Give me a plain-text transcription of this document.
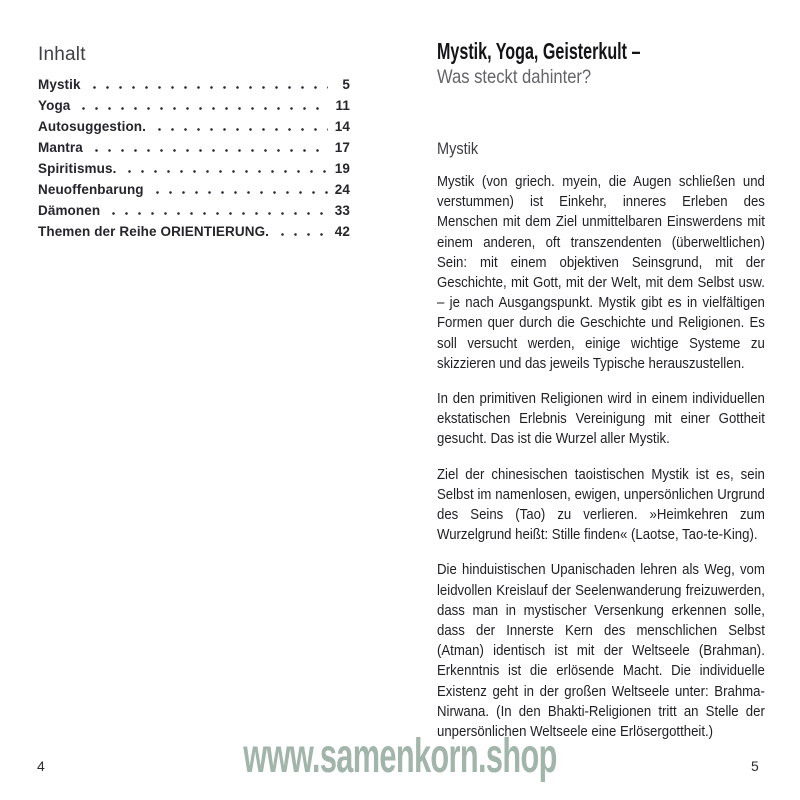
Inhalt
Mystik	5
Yoga	11
Autosuggestion.	14
Mantra	17
Spiritismus.	19
Neuoffenbarung	24
Dämonen	33
Themen der Reihe ORIENTIERUNG.	42
Mystik, Yoga, Geisterkult –
Was steckt dahinter?
Mystik

Mystik (von griech. myein, die Augen schließen und verstummen) ist Einkehr, inneres Erleben des Menschen mit dem Ziel unmittelbaren Einswerdens mit einem anderen, oft transzendenten (überweltlichen) Sein: mit einem objektiven Seinsgrund, mit der Geschichte, mit Gott, mit der Welt, mit dem Selbst usw. – je nach Ausgangspunkt. Mystik gibt es in vielfältigen Formen quer durch die Geschichte und Religionen. Es soll versucht werden, einige wichtige Systeme zu skizzieren und das jeweils Typische herauszustellen.

In den primitiven Religionen wird in einem individuellen ekstatischen Erlebnis Vereinigung mit einer Gottheit gesucht. Das ist die Wurzel aller Mystik.

Ziel der chinesischen taoistischen Mystik ist es, sein Selbst im namenlosen, ewigen, unpersönlichen Urgrund des Seins (Tao) zu verlieren. »Heimkehren zum Wurzelgrund heißt: Stille finden« (Laotse, Tao-te-King).

Die hinduistischen Upanischaden lehren als Weg, vom leidvollen Kreislauf der Seelenwanderung freizuwerden, dass man in mystischer Versenkung erkennen solle, dass der Innerste Kern des menschlichen Selbst (Atman) identisch ist mit der Weltseele (Brahman). Erkenntnis ist die erlösende Macht. Die individuelle Existenz geht in der großen Weltseele unter: Brahma-Nirwana. (In den Bhakti-Religionen tritt an Stelle der unpersönlichen Weltseele eine Erlösergottheit.)

www.samenkorn.shop
4	5
